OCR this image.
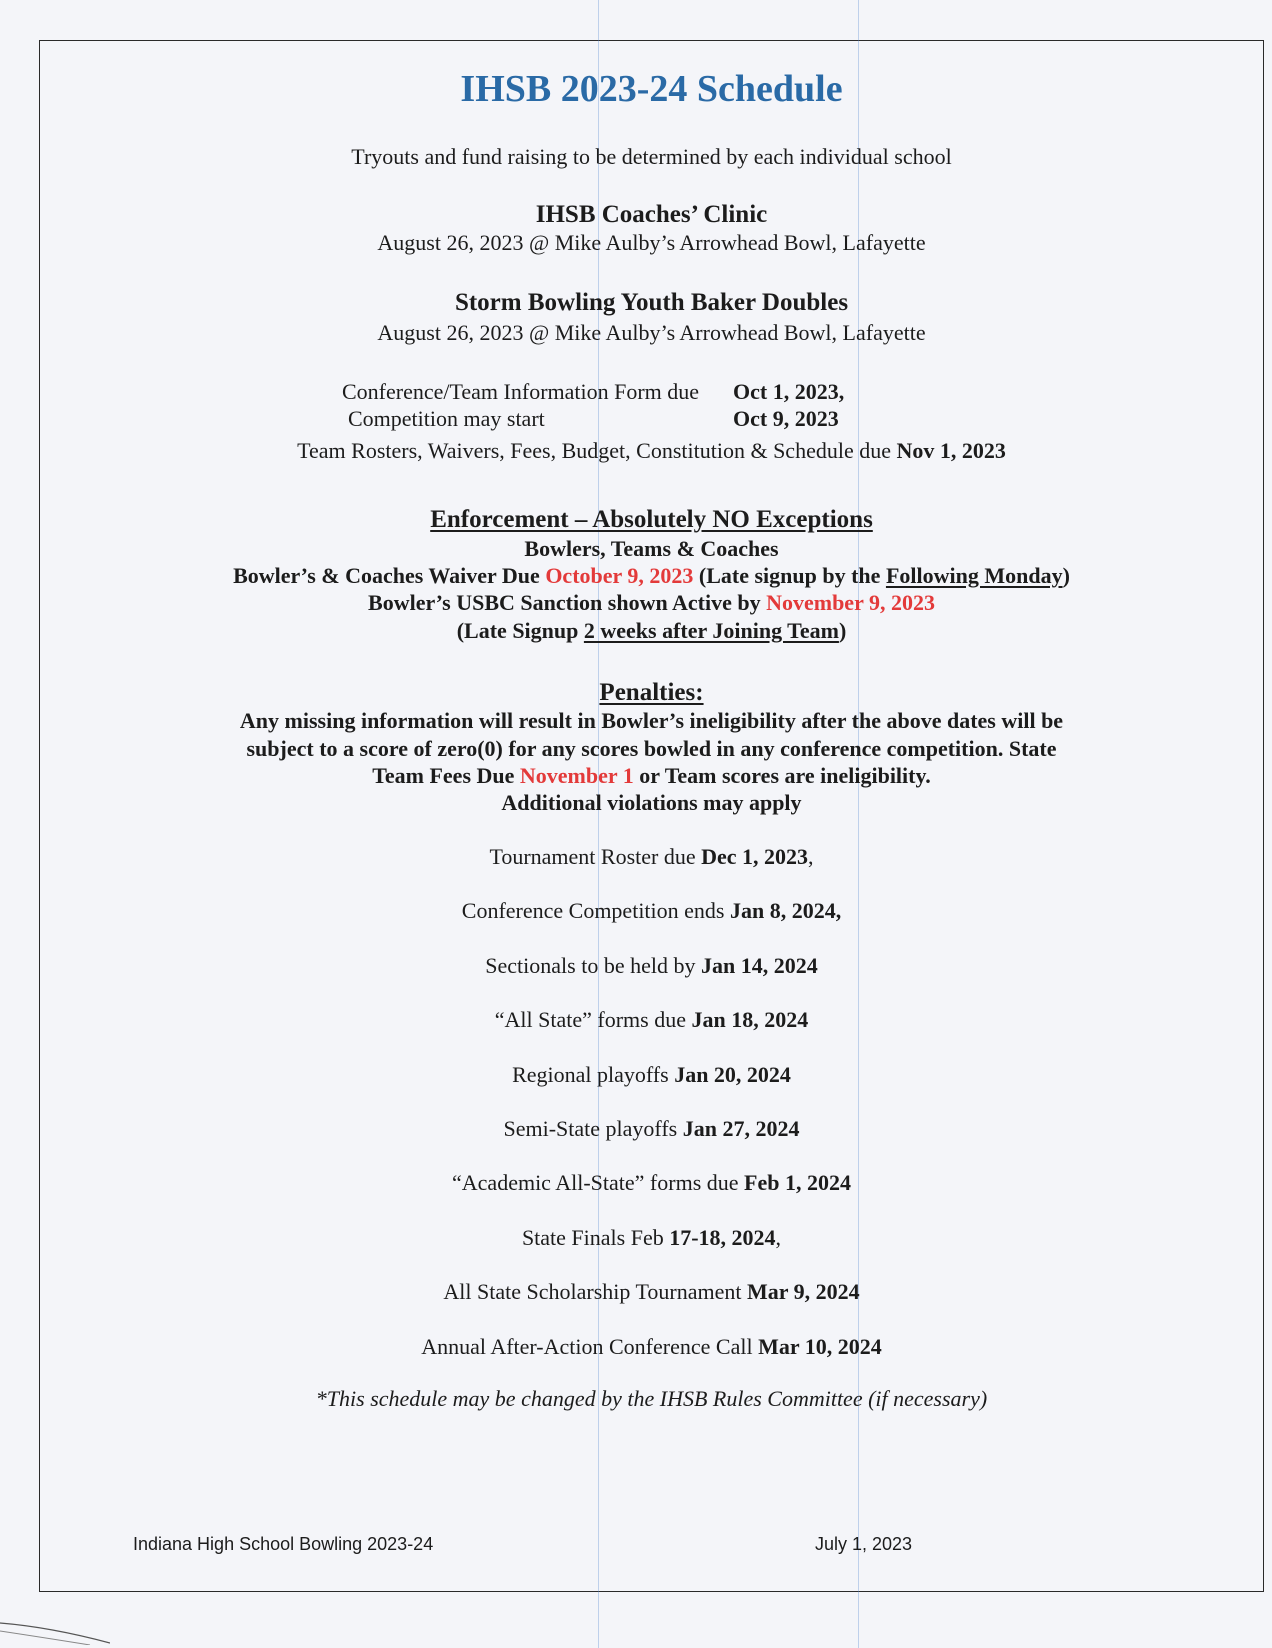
IHSB 2023-24 Schedule
Tryouts and fund raising to be determined by each individual school
IHSB Coaches’ Clinic
August 26, 2023 @ Mike Aulby’s Arrowhead Bowl, Lafayette
Storm Bowling Youth Baker Doubles
August 26, 2023 @ Mike Aulby’s Arrowhead Bowl, Lafayette
Conference/Team Information Form due Oct 1, 2023,
Competition may start	Oct 9, 2023
Team Rosters, Waivers, Fees, Budget, Constitution & Schedule due Nov 1, 2023
Enforcement – Absolutely NO Exceptions
Bowlers, Teams & Coaches
Bowler’s & Coaches Waiver Due October 9, 2023 (Late signup by the Following Monday)
Bowler’s USBC Sanction shown Active by November 9, 2023
(Late Signup 2 weeks after Joining Team)
Penalties:
Any missing information will result in Bowler’s ineligibility after the above dates will be
subject to a score of zero(0) for any scores bowled in any conference competition. State
Team Fees Due November 1 or Team scores are ineligibility.
Additional violations may apply
Tournament Roster due Dec 1, 2023,
Conference Competition ends Jan 8, 2024,
Sectionals to be held by Jan 14, 2024
“All State” forms due Jan 18, 2024
Regional playoffs Jan 20, 2024
Semi-State playoffs Jan 27, 2024
“Academic All-State” forms due Feb 1, 2024
State Finals Feb 17-18, 2024,
All State Scholarship Tournament Mar 9, 2024
Annual After-Action Conference Call Mar 10, 2024
*This schedule may be changed by the IHSB Rules Committee (if necessary)
Indiana High School Bowling 2023-24	July 1, 2023
